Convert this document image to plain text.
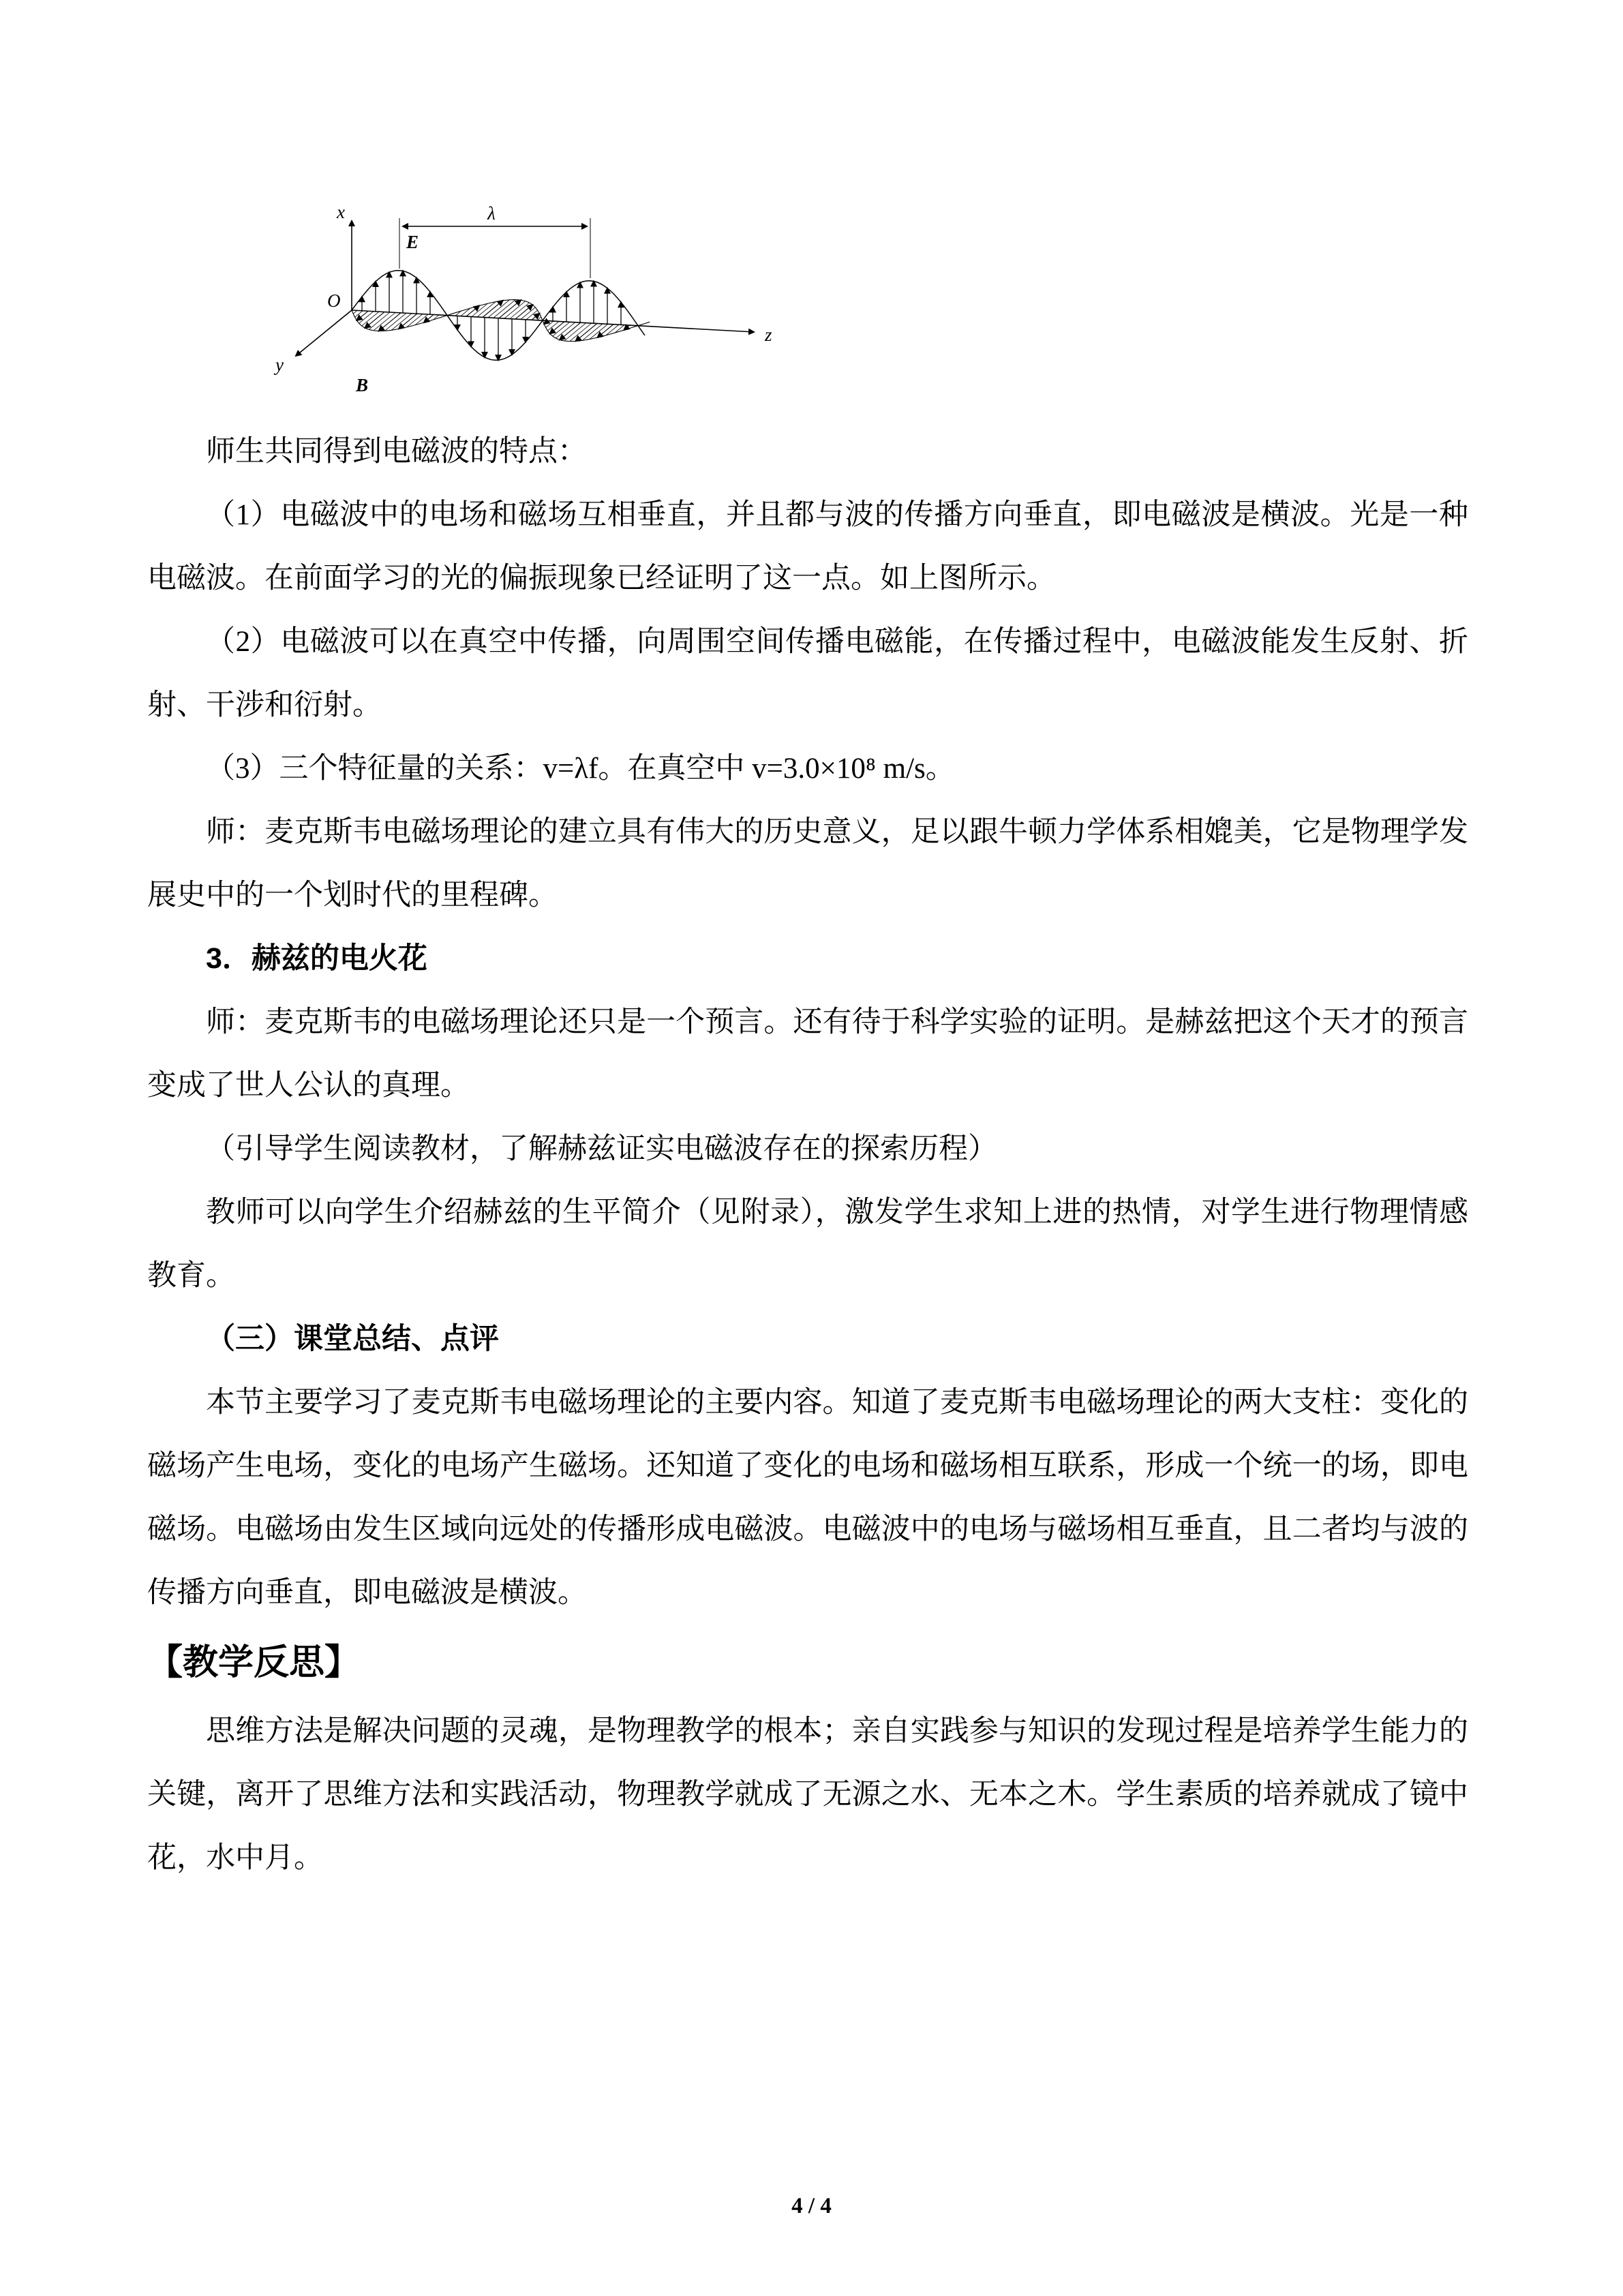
x
O
z
y
E
B
λ

师生共同得到电磁波的特点：

（1）电磁波中的电场和磁场互相垂直，并且都与波的传播方向垂直，即电磁波是横波。光是一种电磁波。在前面学习的光的偏振现象已经证明了这一点。如上图所示。

（2）电磁波可以在真空中传播，向周围空间传播电磁能，在传播过程中，电磁波能发生反射、折射、干涉和衍射。

（3）三个特征量的关系：v=λf。在真空中 v=3.0×10⁸ m/s。

师：麦克斯韦电磁场理论的建立具有伟大的历史意义，足以跟牛顿力学体系相媲美，它是物理学发展史中的一个划时代的里程碑。

3．赫兹的电火花

师：麦克斯韦的电磁场理论还只是一个预言。还有待于科学实验的证明。是赫兹把这个天才的预言变成了世人公认的真理。

（引导学生阅读教材，了解赫兹证实电磁波存在的探索历程）

教师可以向学生介绍赫兹的生平简介（见附录），激发学生求知上进的热情，对学生进行物理情感教育。

（三）课堂总结、点评

本节主要学习了麦克斯韦电磁场理论的主要内容。知道了麦克斯韦电磁场理论的两大支柱：变化的磁场产生电场，变化的电场产生磁场。还知道了变化的电场和磁场相互联系，形成一个统一的场，即电磁场。电磁场由发生区域向远处的传播形成电磁波。电磁波中的电场与磁场相互垂直，且二者均与波的传播方向垂直，即电磁波是横波。

【教学反思】

思维方法是解决问题的灵魂，是物理教学的根本；亲自实践参与知识的发现过程是培养学生能力的关键，离开了思维方法和实践活动，物理教学就成了无源之水、无本之木。学生素质的培养就成了镜中花，水中月。

4 / 4
